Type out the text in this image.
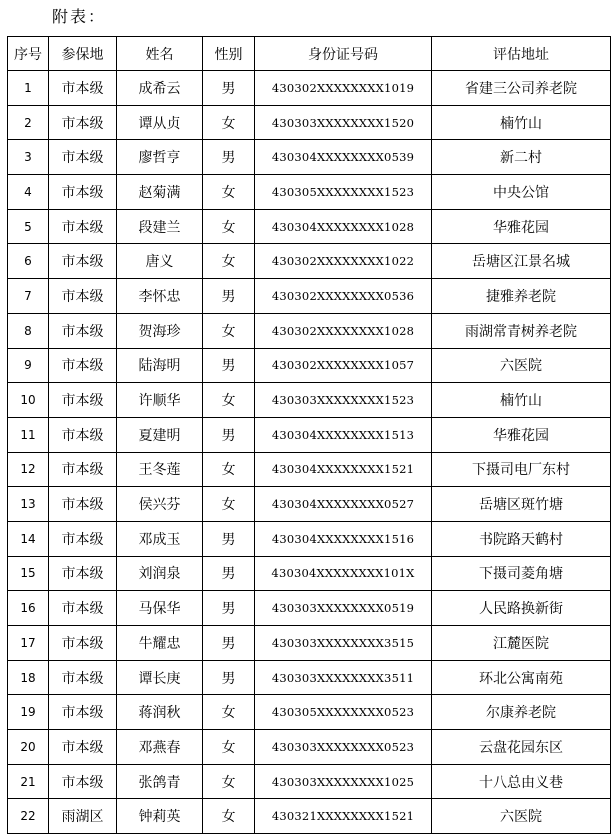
附表：
序号	参保地	姓名	性别	身份证号码	评估地址
1	市本级	成希云	男	430302XXXXXXXX1019	省建三公司养老院
2	市本级	谭从贞	女	430303XXXXXXXX1520	楠竹山
3	市本级	廖哲亨	男	430304XXXXXXXX0539	新二村
4	市本级	赵菊满	女	430305XXXXXXXX1523	中央公馆
5	市本级	段建兰	女	430304XXXXXXXX1028	华雅花园
6	市本级	唐义	女	430302XXXXXXXX1022	岳塘区江景名城
7	市本级	李怀忠	男	430302XXXXXXXX0536	捷雅养老院
8	市本级	贺海珍	女	430302XXXXXXXX1028	雨湖常青树养老院
9	市本级	陆海明	男	430302XXXXXXXX1057	六医院
10	市本级	许顺华	女	430303XXXXXXXX1523	楠竹山
11	市本级	夏建明	男	430304XXXXXXXX1513	华雅花园
12	市本级	王冬莲	女	430304XXXXXXXX1521	下摄司电厂东村
13	市本级	侯兴芬	女	430304XXXXXXXX0527	岳塘区斑竹塘
14	市本级	邓成玉	男	430304XXXXXXXX1516	书院路天鹤村
15	市本级	刘润泉	男	430304XXXXXXXX101X	下摄司菱角塘
16	市本级	马保华	男	430303XXXXXXXX0519	人民路换新街
17	市本级	牛耀忠	男	430303XXXXXXXX3515	江麓医院
18	市本级	谭长庚	男	430303XXXXXXXX3511	环北公寓南苑
19	市本级	蒋润秋	女	430305XXXXXXXX0523	尔康养老院
20	市本级	邓燕春	女	430303XXXXXXXX0523	云盘花园东区
21	市本级	张鸽青	女	430303XXXXXXXX1025	十八总由义巷
22	雨湖区	钟莉英	女	430321XXXXXXXX1521	六医院
